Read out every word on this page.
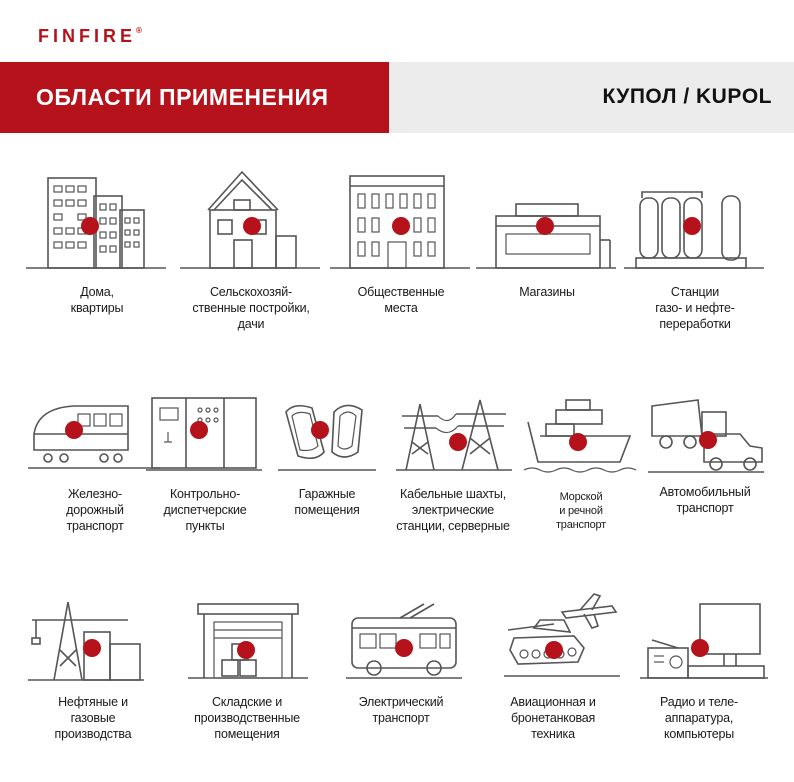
FINFIRE®
ОБЛАСТИ ПРИМЕНЕНИЯ	КУПОЛ / KUPOL
Дома,
квартиры
Сельскохозяй-
ственные постройки,
дачи
Общественные
места
Магазины	Станции
газо- и нефте-
переработки
Железно-
дорожный
транспорт
Контрольно-
диспетчерские
пункты
Гаражные
помещения
Кабельные шахты,
электрические
станции, серверные
Морской
и речной
транспорт
Автомобильный
транспорт
Нефтяные и
газовые
производства
Складские и
производственные
помещения
Электрический
транспорт
Авиационная и
бронетанковая
техника
Радио и теле-
аппаратура,
компьютеры
